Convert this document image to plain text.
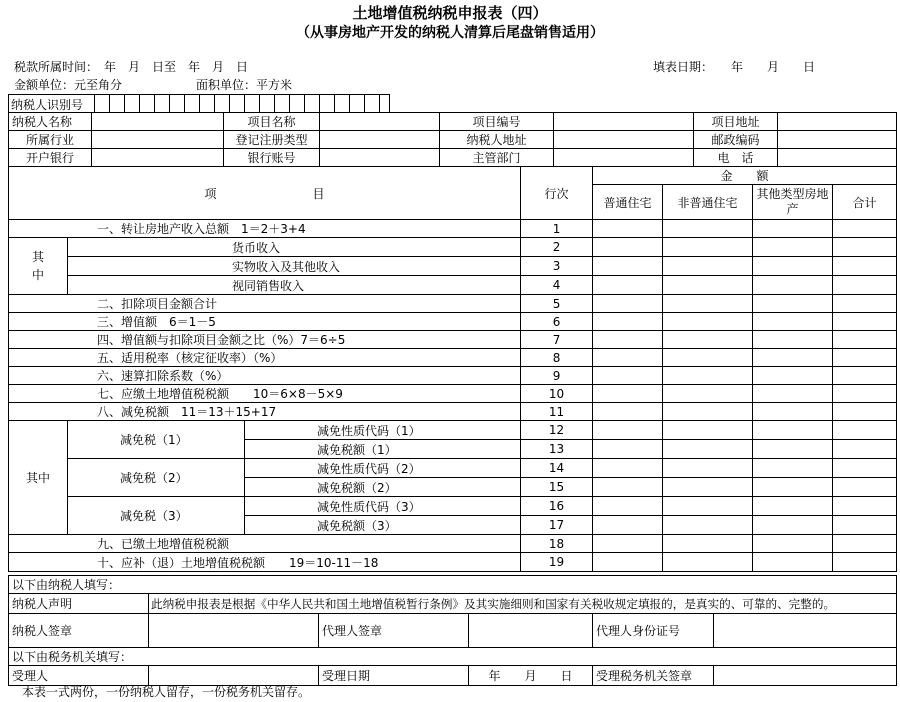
土地增值税纳税申报表（四）
（从事房地产开发的纳税人清算后尾盘销售适用）
税款所属时间：　年　月　日至　年　月　日	填表日期：　　年　　月　　日
金额单位：元至角分	面积单位：平方米
纳税人识别号
纳税人名称		项目名称		项目编号		项目地址	
所属行业		登记注册类型		纳税人地址		邮政编码	
开户银行		银行账号		主管部门		电　话	
项　　　　　　　　目			行次	金　　额			
				普通住宅	非普通住宅	其他类型房地产	合计
一、转让房地产收入总额　1＝2＋3+4			1				

其中	货币收入		2				
	实物收入及其他收入		3				
	视同销售收入		4				
二、扣除项目金额合计			5				
三、增值额　6＝1－5			6				
四、增值额与扣除项目金额之比（%）7＝6÷5			7				
五、适用税率（核定征收率）（%）			8				
六、速算扣除系数（%）			9				
七、应缴土地增值税税额　　10＝6×8－5×9			10				
八、减免税额　11＝13＋15+17			11				
其中	减免税（1）	减免性质代码（1）	12				
		减免税额（1）	13				
	减免税（2）	减免性质代码（2）	14				
		减免税额（2）	15				
	减免税（3）	减免性质代码（3）	16				
		减免税额（3）	17				
九、已缴土地增值税税额			18				
十、应补（退）土地增值税税额　　19＝10-11－18			19				
以下由纳税人填写：					
纳税人声明	此纳税申报表是根据《中华人民共和国土地增值税暂行条例》及其实施细则和国家有关税收规定填报的，是真实的、可靠的、完整的。				
纳税人签章		代理人签章		代理人身份证号	
以下由税务机关填写：					
受理人		受理日期	年　　月　　日	受理税务机关签章	
本表一式两份，一份纳税人留存，一份税务机关留存。
